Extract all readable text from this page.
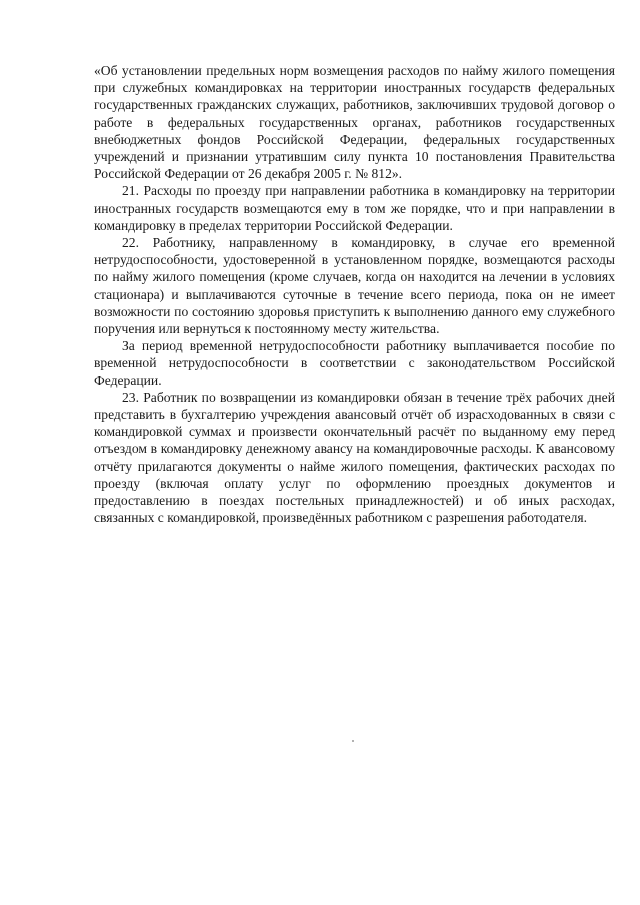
«Об установлении предельных норм возмещения расходов по найму жилого помещения при служебных командировках на территории иностранных государств федеральных государственных гражданских служащих, работников, заключивших трудовой договор о работе в федеральных государственных органах, работников государственных внебюджетных фондов Российской Федерации, федеральных государственных учреждений и признании утратившим силу пункта 10 постановления Правительства Российской Федерации от 26 декабря 2005 г. № 812».

21. Расходы по проезду при направлении работника в командировку на территории иностранных государств возмещаются ему в том же порядке, что и при направлении в командировку в пределах территории Российской Федерации.

22. Работнику, направленному в командировку, в случае его временной нетрудоспособности, удостоверенной в установленном порядке, возмещаются расходы по найму жилого помещения (кроме случаев, когда он находится на лечении в условиях стационара) и выплачиваются суточные в течение всего периода, пока он не имеет возможности по состоянию здоровья приступить к выполнению данного ему служебного поручения или вернуться к постоянному месту жительства.

За период временной нетрудоспособности работнику выплачивается пособие по временной нетрудоспособности в соответствии с законодательством Российской Федерации.

23. Работник по возвращении из командировки обязан в течение трёх рабочих дней представить в бухгалтерию учреждения авансовый отчёт об израсходованных в связи с командировкой суммах и произвести окончательный расчёт по выданному ему перед отъездом в командировку денежному авансу на командировочные расходы. К авансовому отчёту прилагаются документы о найме жилого помещения, фактических расходах по проезду (включая оплату услуг по оформлению проездных документов и предоставлению в поездах постельных принадлежностей) и об иных расходах, связанных с командировкой, произведённых работником с разрешения работодателя.
